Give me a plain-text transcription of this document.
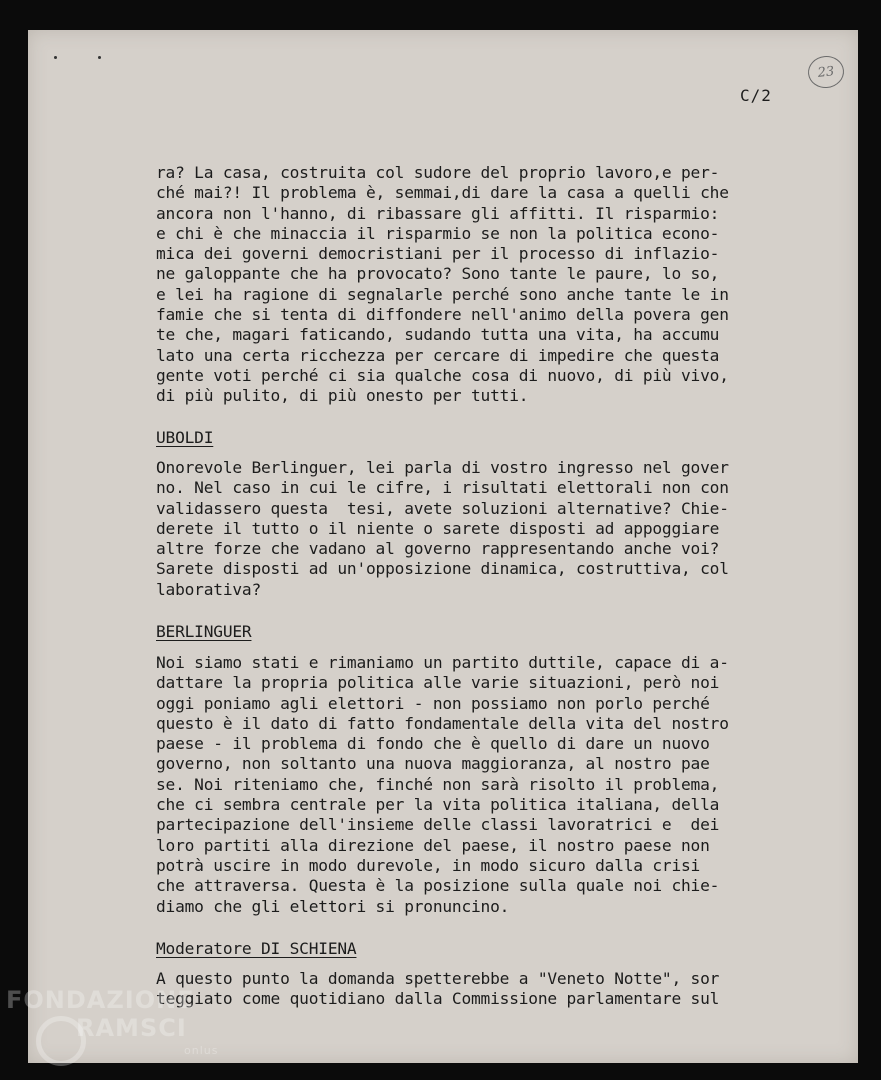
C/2
23
ra? La casa, costruita col sudore del proprio lavoro,e per-
ché mai?! Il problema è, semmai,di dare la casa a quelli che
ancora non l'hanno, di ribassare gli affitti. Il risparmio:
e chi è che minaccia il risparmio se non la politica econo-
mica dei governi democristiani per il processo di inflazio-
ne galoppante che ha provocato? Sono tante le paure, lo so,
e lei ha ragione di segnalarle perché sono anche tante le in
famie che si tenta di diffondere nell'animo della povera gen
te che, magari faticando, sudando tutta una vita, ha accumu
lato una certa ricchezza per cercare di impedire che questa
gente voti perché ci sia qualche cosa di nuovo, di più vivo,
di più pulito, di più onesto per tutti.
UBOLDI
Onorevole Berlinguer, lei parla di vostro ingresso nel gover
no. Nel caso in cui le cifre, i risultati elettorali non con
validassero questa  tesi, avete soluzioni alternative? Chie-
derete il tutto o il niente o sarete disposti ad appoggiare
altre forze che vadano al governo rappresentando anche voi?
Sarete disposti ad un'opposizione dinamica, costruttiva, col
laborativa?
BERLINGUER
Noi siamo stati e rimaniamo un partito duttile, capace di a-
dattare la propria politica alle varie situazioni, però noi
oggi poniamo agli elettori - non possiamo non porlo perché
questo è il dato di fatto fondamentale della vita del nostro
paese - il problema di fondo che è quello di dare un nuovo
governo, non soltanto una nuova maggioranza, al nostro pae
se. Noi riteniamo che, finché non sarà risolto il problema,
che ci sembra centrale per la vita politica italiana, della
partecipazione dell'insieme delle classi lavoratrici e  dei
loro partiti alla direzione del paese, il nostro paese non
potrà uscire in modo durevole, in modo sicuro dalla crisi
che attraversa. Questa è la posizione sulla quale noi chie-
diamo che gli elettori si pronuncino.
Moderatore DI SCHIENA
A questo punto la domanda spetterebbe a "Veneto Notte", sor
teggiato come quotidiano dalla Commissione parlamentare sul
FONDAZIONE
RAMSCI
onlus
